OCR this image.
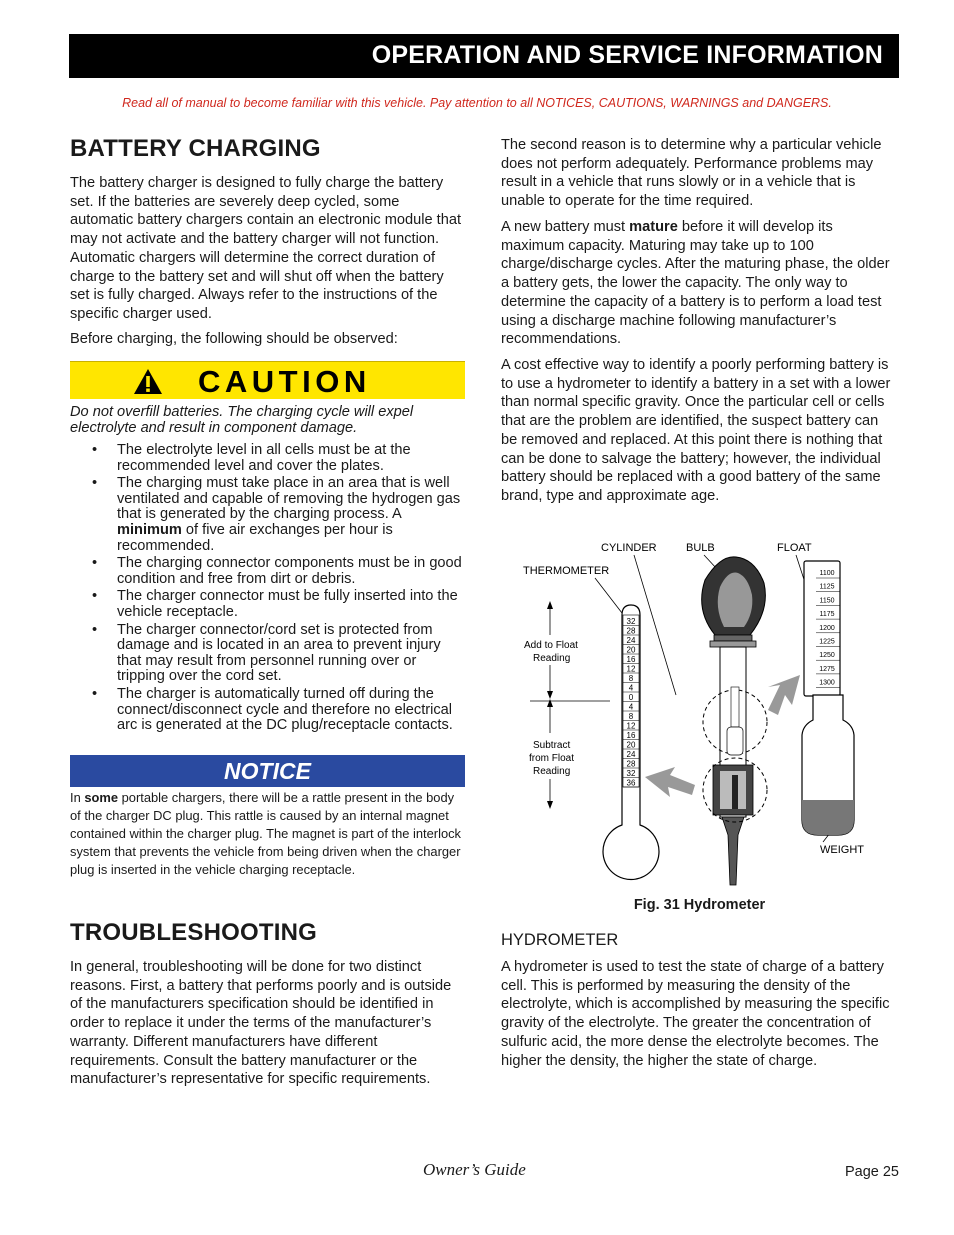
OPERATION AND SERVICE INFORMATION
Read all of manual to become familiar with this vehicle. Pay attention to all NOTICES, CAUTIONS, WARNINGS and DANGERS.
BATTERY CHARGING

The battery charger is designed to fully charge the battery set. If the batteries are severely deep cycled, some automatic battery chargers contain an electronic module that may not activate and the battery charger will not function. Automatic chargers will determine the correct duration of charge to the battery set and will shut off when the battery set is fully charged. Always refer to the instructions of the specific charger used.

Before charging, the following should be observed:

CAUTION
Do not overfill batteries. The charging cycle will expel electrolyte and result in component damage.
• The electrolyte level in all cells must be at the recommended level and cover the plates.
• The charging must take place in an area that is well ventilated and capable of removing the hydrogen gas that is generated by the charging process. A minimum of five air exchanges per hour is recommended.
• The charging connector components must be in good condition and free from dirt or debris.
• The charger connector must be fully inserted into the vehicle receptacle.
• The charger connector/cord set is protected from damage and is located in an area to prevent injury that may result from personnel running over or tripping over the cord set.
• The charger is automatically turned off during the connect/disconnect cycle and therefore no electrical arc is generated at the DC plug/receptacle contacts.
NOTICE
In some portable chargers, there will be a rattle present in the body of the charger DC plug. This rattle is caused by an internal magnet contained within the charger plug. The magnet is part of the interlock system that prevents the vehicle from being driven when the charger plug is inserted in the vehicle charging receptacle.
TROUBLESHOOTING

In general, troubleshooting will be done for two distinct reasons. First, a battery that performs poorly and is outside of the manufacturers specification should be identified in order to replace it under the terms of the manufacturer’s warranty. Different manufacturers have different requirements. Consult the battery manufacturer or the manufacturer’s representative for specific requirements.

The second reason is to determine why a particular vehicle does not perform adequately. Performance problems may result in a vehicle that runs slowly or in a vehicle that is unable to operate for the time required.

A new battery must mature before it will develop its maximum capacity. Maturing may take up to 100 charge/discharge cycles. After the maturing phase, the older a battery gets, the lower the capacity. The only way to determine the capacity of a battery is to perform a load test using a discharge machine following manufacturer’s recommendations.

A cost effective way to identify a poorly performing battery is to use a hydrometer to identify a battery in a set with a lower than normal specific gravity. Once the particular cell or cells that are the problem are identified, the suspect battery can be removed and replaced. At this point there is nothing that can be done to salvage the battery; however, the individual battery should be replaced with a good battery of the same brand, type and approximate age.

CYLINDER	BULB	FLOAT
THERMOMETER
Add to Float
Reading
Subtract
from Float
Reading
WEIGHT
32
28
24
20
16
12
8
4
0
4
8
12
16
20
24
28
32
36
1100
1125
1150
1175
1200
1225
1250
1275
1300
Fig. 31 Hydrometer
HYDROMETER

A hydrometer is used to test the state of charge of a battery cell. This is performed by measuring the density of the electrolyte, which is accomplished by measuring the specific gravity of the electrolyte. The greater the concentration of sulfuric acid, the more dense the electrolyte becomes. The higher the density, the higher the state of charge.

Owner’s Guide	Page 25
